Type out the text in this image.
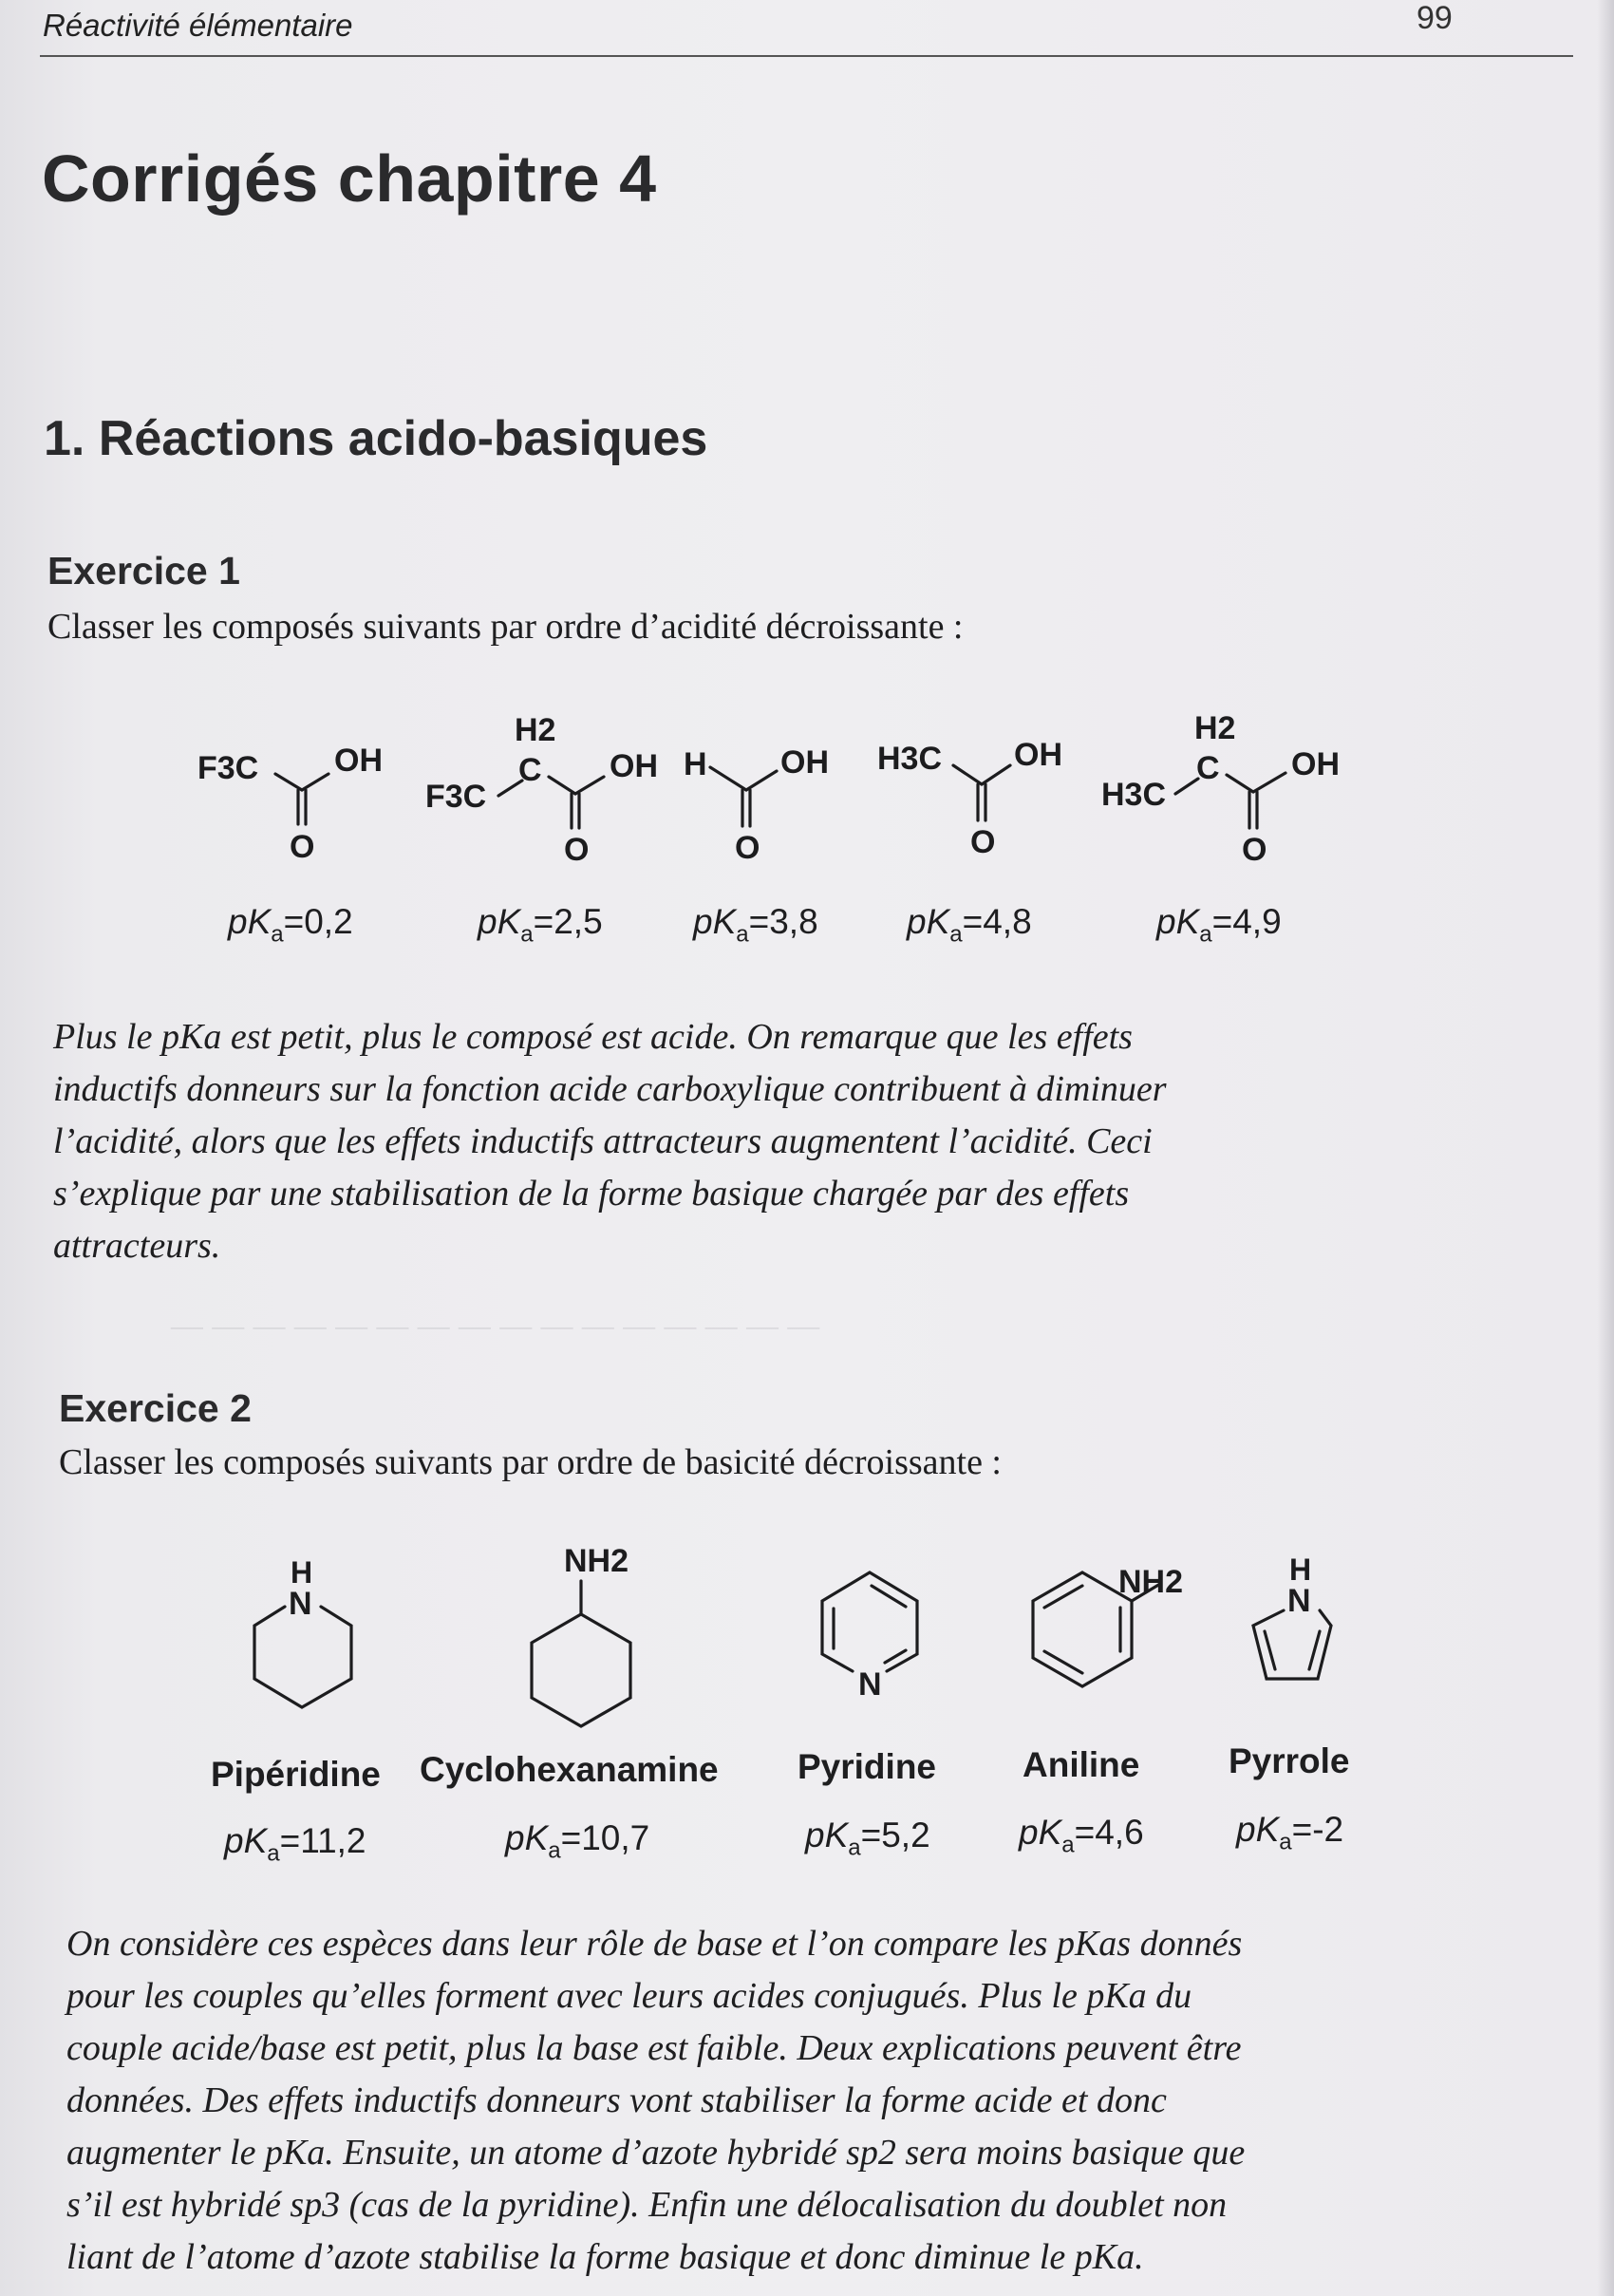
— — — — — — — — — — — — — — — —
Réactivité élémentaire	99
Corrigés chapitre 4
1. Réactions acido-basiques
Exercice 1
Classer les composés suivants par ordre d’acidité décroissante :
$pK_a=0,2$	$pK_a=2,5$	$pK_a=3,8$	$pK_a=4,8$	$pK_a=4,9$
Plus le pKa est petit, plus le composé est acide. On remarque que les effets
inductifs donneurs sur la fonction acide carboxylique contribuent à diminuer
l’acidité, alors que les effets inductifs attracteurs augmentent l’acidité. Ceci
s’explique par une stabilisation de la forme basique chargée par des effets
attracteurs.
Exercice 2
Classer les composés suivants par ordre de basicité décroissante :
Pipéridine Cyclohexanamine Pyridine Aniline	Pyrrole
$pK_a=11,2$	$pK_a=10,7$	$pK_a=5,2$	$pK_a=4,6$	$pK_a=-2$
On considère ces espèces dans leur rôle de base et l’on compare les pKas donnés
pour les couples qu’elles forment avec leurs acides conjugués. Plus le pKa du
couple acide/base est petit, plus la base est faible. Deux explications peuvent être
données. Des effets inductifs donneurs vont stabiliser la forme acide et donc
augmenter le pKa. Ensuite, un atome d’azote hybridé sp2 sera moins basique que
s’il est hybridé sp3 (cas de la pyridine). Enfin une délocalisation du doublet non
liant de l’atome d’azote stabilise la forme basique et donc diminue le pKa.
F3C OH
O
F3C
H2
C OH
O
H OH
O
H3C OH
O
H3C
H2
C OH
O
H
N
NH2
N
NH2	H
N
